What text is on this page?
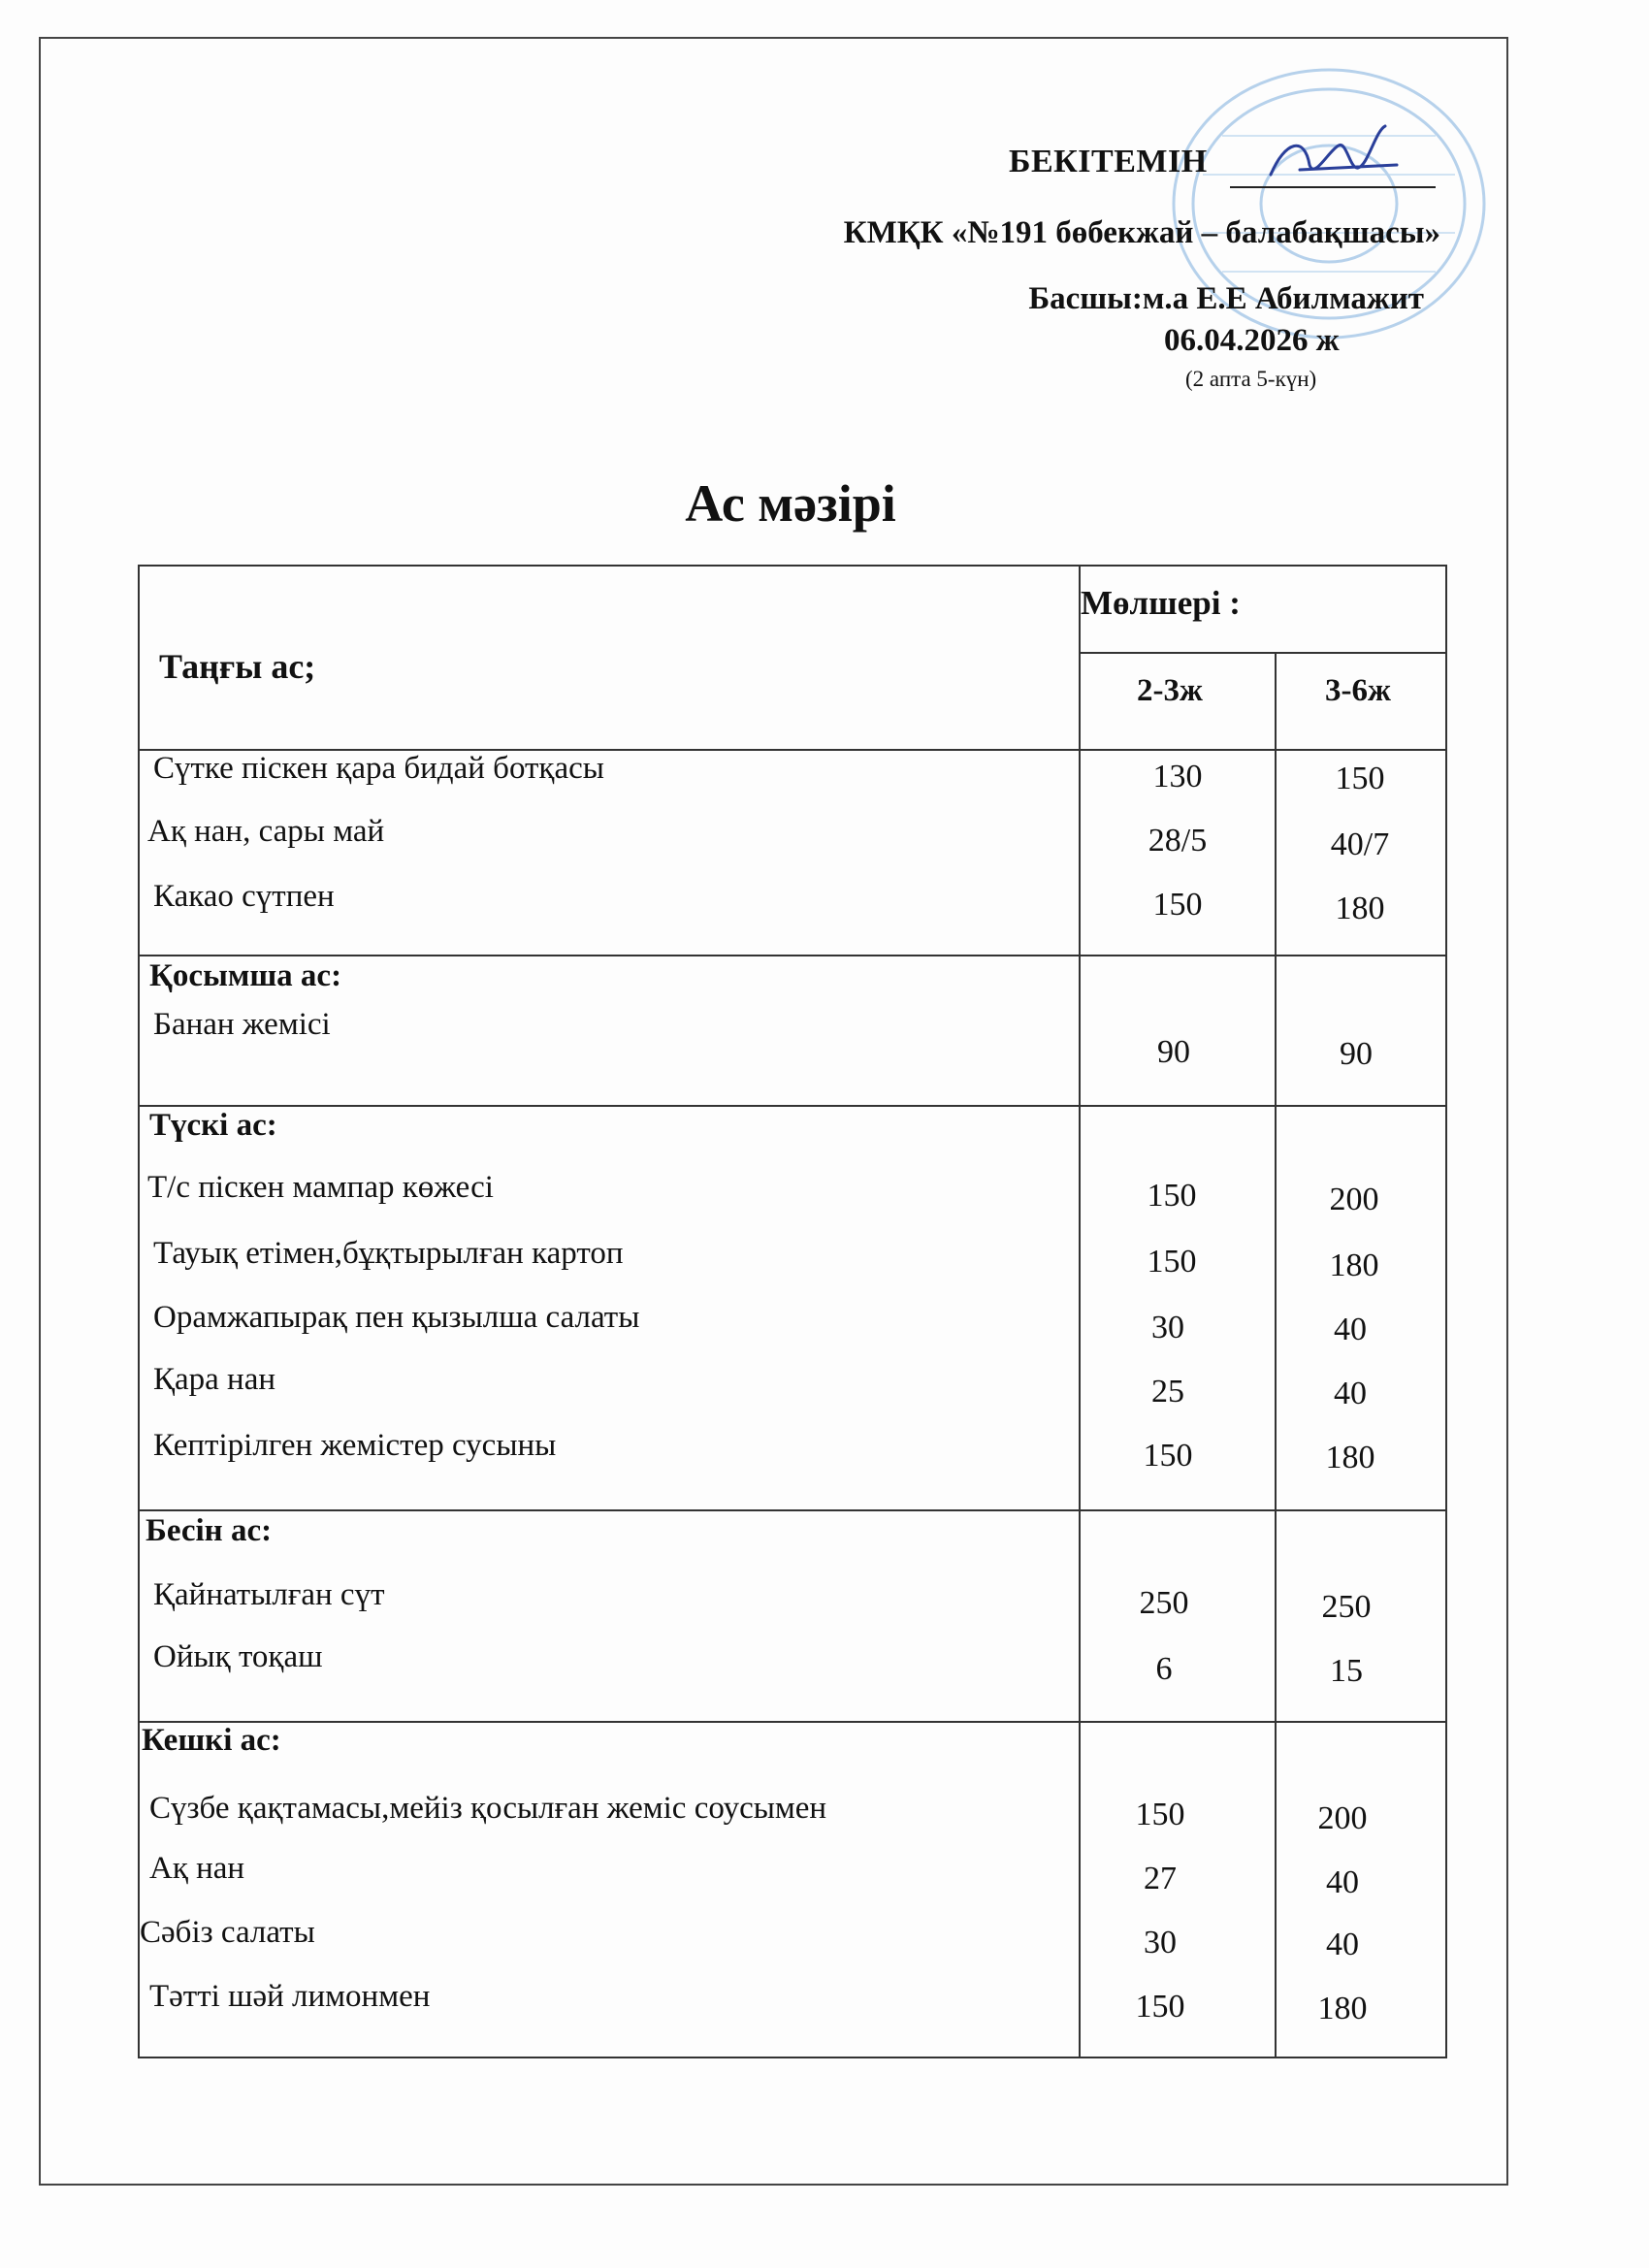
БЕКІТЕМІН
КМҚК «№191 бөбекжай – балабақшасы»
Басшы:м.а Е.Е Абилмажит
06.04.2026 ж
(2 апта 5-күн)
Ас мәзірі
Таңғы ас;
Мөлшері :
2-3ж	3-6ж
Сүтке піскен қара бидай ботқасы	130	150
Ақ нан, сары май	28/5	40/7
Какао сүтпен	150	180
Қосымша ас:
Банан жемісі
90	90
Түскі ас:
Т/с піскен мампар көжесі	150	200
Тауық етімен,бұқтырылған картоп	150	180
Орамжапырақ пен қызылша салаты	30	40
Қара нан	25	40
Кептірілген жемістер сусыны	150	180
Бесін ас:
Қайнатылған сүт	250	250
Ойық тоқаш	6	15
Кешкі ас:
Сүзбе қақтамасы,мейіз қосылған жеміс соусымен	150	200
Ақ нан	27	40
Сәбіз салаты	30	40
Тәтті шәй лимонмен	150	180
